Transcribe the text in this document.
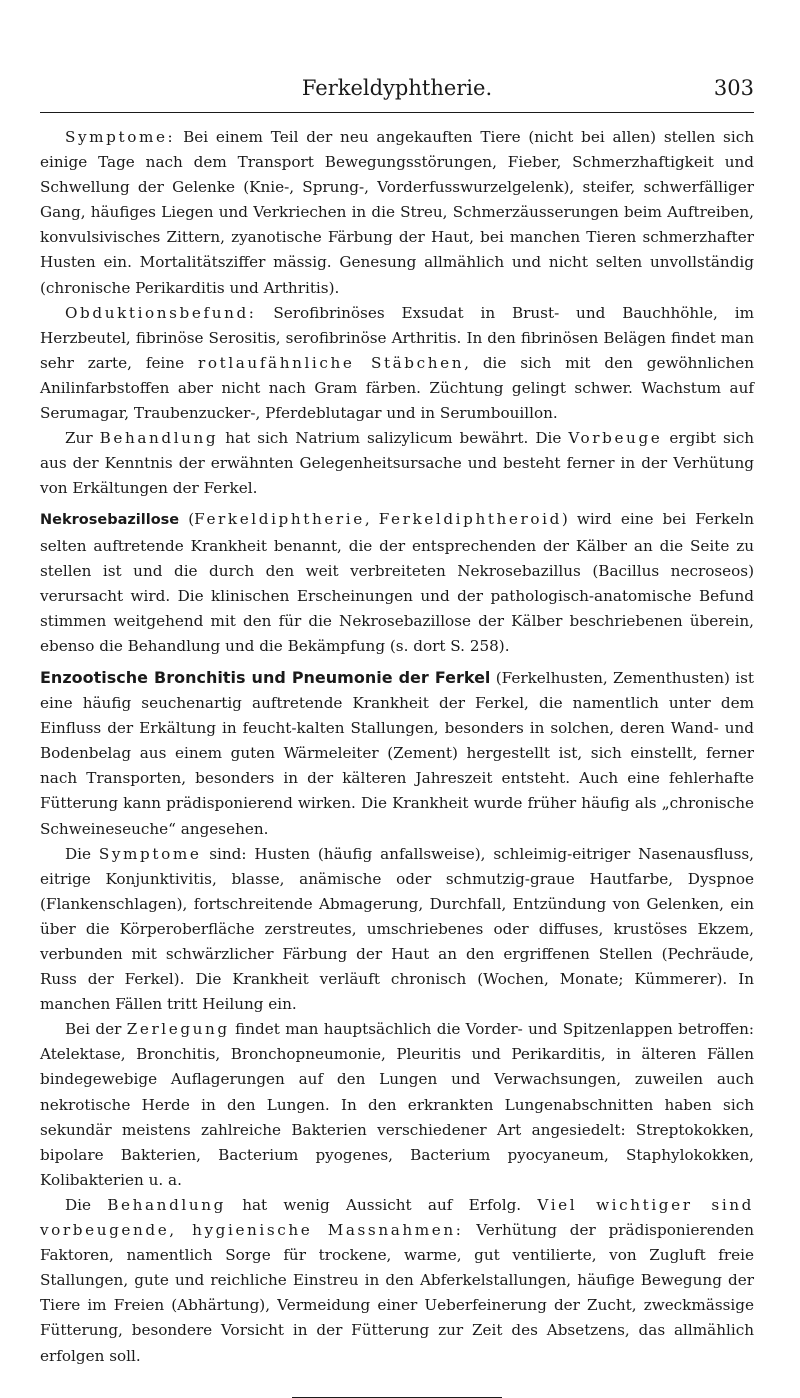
Ferkeldyphtherie.	303

Symptome: Bei einem Teil der neu angekauften Tiere (nicht bei allen) stellen sich einige Tage nach dem Transport Bewegungsstörungen, Fieber, Schmerzhaftigkeit und Schwellung der Gelenke (Knie-, Sprung-, Vorderfusswurzelgelenk), steifer, schwerfälliger Gang, häufiges Liegen und Verkriechen in die Streu, Schmerzäusserungen beim Auftreiben, konvulsivisches Zittern, zyanotische Färbung der Haut, bei manchen Tieren schmerzhafter Husten ein. Mortalitätsziffer mässig. Genesung allmählich und nicht selten unvollständig (chronische Perikarditis und Arthritis).

Obduktionsbefund: Serofibrinöses Exsudat in Brust- und Bauchhöhle, im Herzbeutel, fibrinöse Serositis, serofibrinöse Arthritis. In den fibrinösen Belägen findet man sehr zarte, feine rotlaufähnliche Stäbchen, die sich mit den gewöhnlichen Anilinfarbstoffen aber nicht nach Gram färben. Züchtung gelingt schwer. Wachstum auf Serumagar, Traubenzucker-, Pferdeblutagar und in Serumbouillon.

Zur Behandlung hat sich Natrium salizylicum bewährt. Die Vorbeuge ergibt sich aus der Kenntnis der erwähnten Gelegenheitsursache und besteht ferner in der Verhütung von Erkältungen der Ferkel.

Nekrosebazillose (Ferkeldiphtherie, Ferkeldiphtheroid) wird eine bei Ferkeln selten auftretende Krankheit benannt, die der entsprechenden der Kälber an die Seite zu stellen ist und die durch den weit verbreiteten Nekrosebazillus (Bacillus necroseos) verursacht wird. Die klinischen Erscheinungen und der pathologisch-anatomische Befund stimmen weitgehend mit den für die Nekrosebazillose der Kälber beschriebenen überein, ebenso die Behandlung und die Bekämpfung (s. dort S. 258).

Enzootische Bronchitis und Pneumonie der Ferkel (Ferkelhusten, Zementhusten) ist eine häufig seuchenartig auftretende Krankheit der Ferkel, die namentlich unter dem Einfluss der Erkältung in feucht-kalten Stallungen, besonders in solchen, deren Wand- und Bodenbelag aus einem guten Wärmeleiter (Zement) hergestellt ist, sich einstellt, ferner nach Transporten, besonders in der kälteren Jahreszeit entsteht. Auch eine fehlerhafte Fütterung kann prädisponierend wirken. Die Krankheit wurde früher häufig als „chronische Schweineseuche“ angesehen.

Die Symptome sind: Husten (häufig anfallsweise), schleimig-eitriger Nasenausfluss, eitrige Konjunktivitis, blasse, anämische oder schmutzig-graue Hautfarbe, Dyspnoe (Flankenschlagen), fortschreitende Abmagerung, Durchfall, Entzündung von Gelenken, ein über die Körperoberfläche zerstreutes, umschriebenes oder diffuses, krustöses Ekzem, verbunden mit schwärzlicher Färbung der Haut an den ergriffenen Stellen (Pechräude, Russ der Ferkel). Die Krankheit verläuft chronisch (Wochen, Monate; Kümmerer). In manchen Fällen tritt Heilung ein.

Bei der Zerlegung findet man hauptsächlich die Vorder- und Spitzenlappen betroffen: Atelektase, Bronchitis, Bronchopneumonie, Pleuritis und Perikarditis, in älteren Fällen bindegewebige Auflagerungen auf den Lungen und Verwachsungen, zuweilen auch nekrotische Herde in den Lungen. In den erkrankten Lungenabschnitten haben sich sekundär meistens zahlreiche Bakterien verschiedener Art angesiedelt: Streptokokken, bipolare Bakterien, Bacterium pyogenes, Bacterium pyocyaneum, Staphylokokken, Kolibakterien u. a.

Die Behandlung hat wenig Aussicht auf Erfolg. Viel wichtiger sind vorbeugende, hygienische Massnahmen: Verhütung der prädisponierenden Faktoren, namentlich Sorge für trockene, warme, gut ventilierte, von Zugluft freie Stallungen, gute und reichliche Einstreu in den Abferkelstallungen, häufige Bewegung der Tiere im Freien (Abhärtung), Vermeidung einer Ueberfeinerung der Zucht, zweckmässige Fütterung, besondere Vorsicht in der Fütterung zur Zeit des Absetzens, das allmählich erfolgen soll.
